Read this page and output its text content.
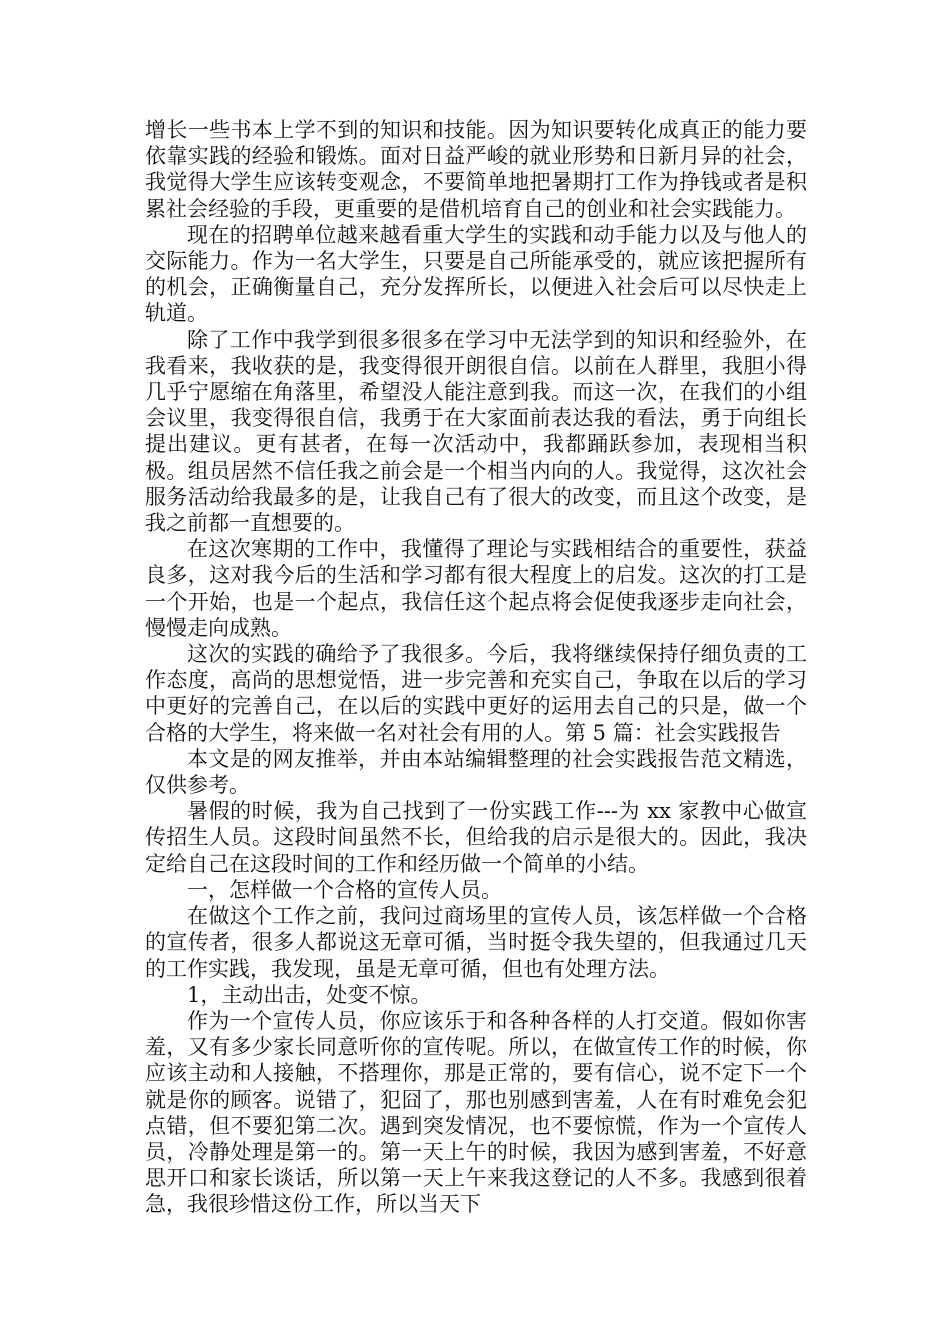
增长一些书本上学不到的知识和技能。因为知识要转化成真正的能力要依靠实践的经验和锻炼。面对日益严峻的就业形势和日新月异的社会，我觉得大学生应该转变观念，不要简单地把暑期打工作为挣钱或者是积累社会经验的手段，更重要的是借机培育自己的创业和社会实践能力。

现在的招聘单位越来越看重大学生的实践和动手能力以及与他人的交际能力。作为一名大学生，只要是自己所能承受的，就应该把握所有的机会，正确衡量自己，充分发挥所长，以便进入社会后可以尽快走上轨道。

除了工作中我学到很多很多在学习中无法学到的知识和经验外，在我看来，我收获的是，我变得很开朗很自信。以前在人群里，我胆小得几乎宁愿缩在角落里，希望没人能注意到我。而这一次，在我们的小组会议里，我变得很自信，我勇于在大家面前表达我的看法，勇于向组长提出建议。更有甚者，在每一次活动中，我都踊跃参加，表现相当积极。组员居然不信任我之前会是一个相当内向的人。我觉得，这次社会服务活动给我最多的是，让我自己有了很大的改变，而且这个改变，是我之前都一直想要的。

在这次寒期的工作中，我懂得了理论与实践相结合的重要性，获益良多，这对我今后的生活和学习都有很大程度上的启发。这次的打工是一个开始，也是一个起点，我信任这个起点将会促使我逐步走向社会，慢慢走向成熟。

这次的实践的确给予了我很多。今后，我将继续保持仔细负责的工作态度，高尚的思想觉悟，进一步完善和充实自己，争取在以后的学习中更好的完善自己，在以后的实践中更好的运用去自己的只是，做一个合格的大学生，将来做一名对社会有用的人。第 5 篇：社会实践报告

本文是的网友推举，并由本站编辑整理的社会实践报告范文精选，仅供参考。

暑假的时候，我为自己找到了一份实践工作---为 xx 家教中心做宣传招生人员。这段时间虽然不长，但给我的启示是很大的。因此，我决定给自己在这段时间的工作和经历做一个简单的小结。

一，怎样做一个合格的宣传人员。

在做这个工作之前，我问过商场里的宣传人员，该怎样做一个合格的宣传者，很多人都说这无章可循，当时挺令我失望的，但我通过几天的工作实践，我发现，虽是无章可循，但也有处理方法。

1，主动出击，处变不惊。

作为一个宣传人员，你应该乐于和各种各样的人打交道。假如你害羞，又有多少家长同意听你的宣传呢。所以，在做宣传工作的时候，你应该主动和人接触，不搭理你，那是正常的，要有信心，说不定下一个就是你的顾客。说错了，犯囧了，那也别感到害羞，人在有时难免会犯点错，但不要犯第二次。遇到突发情况，也不要惊慌，作为一个宣传人员，冷静处理是第一的。第一天上午的时候，我因为感到害羞，不好意思开口和家长谈话，所以第一天上午来我这登记的人不多。我感到很着急，我很珍惜这份工作，所以当天下
